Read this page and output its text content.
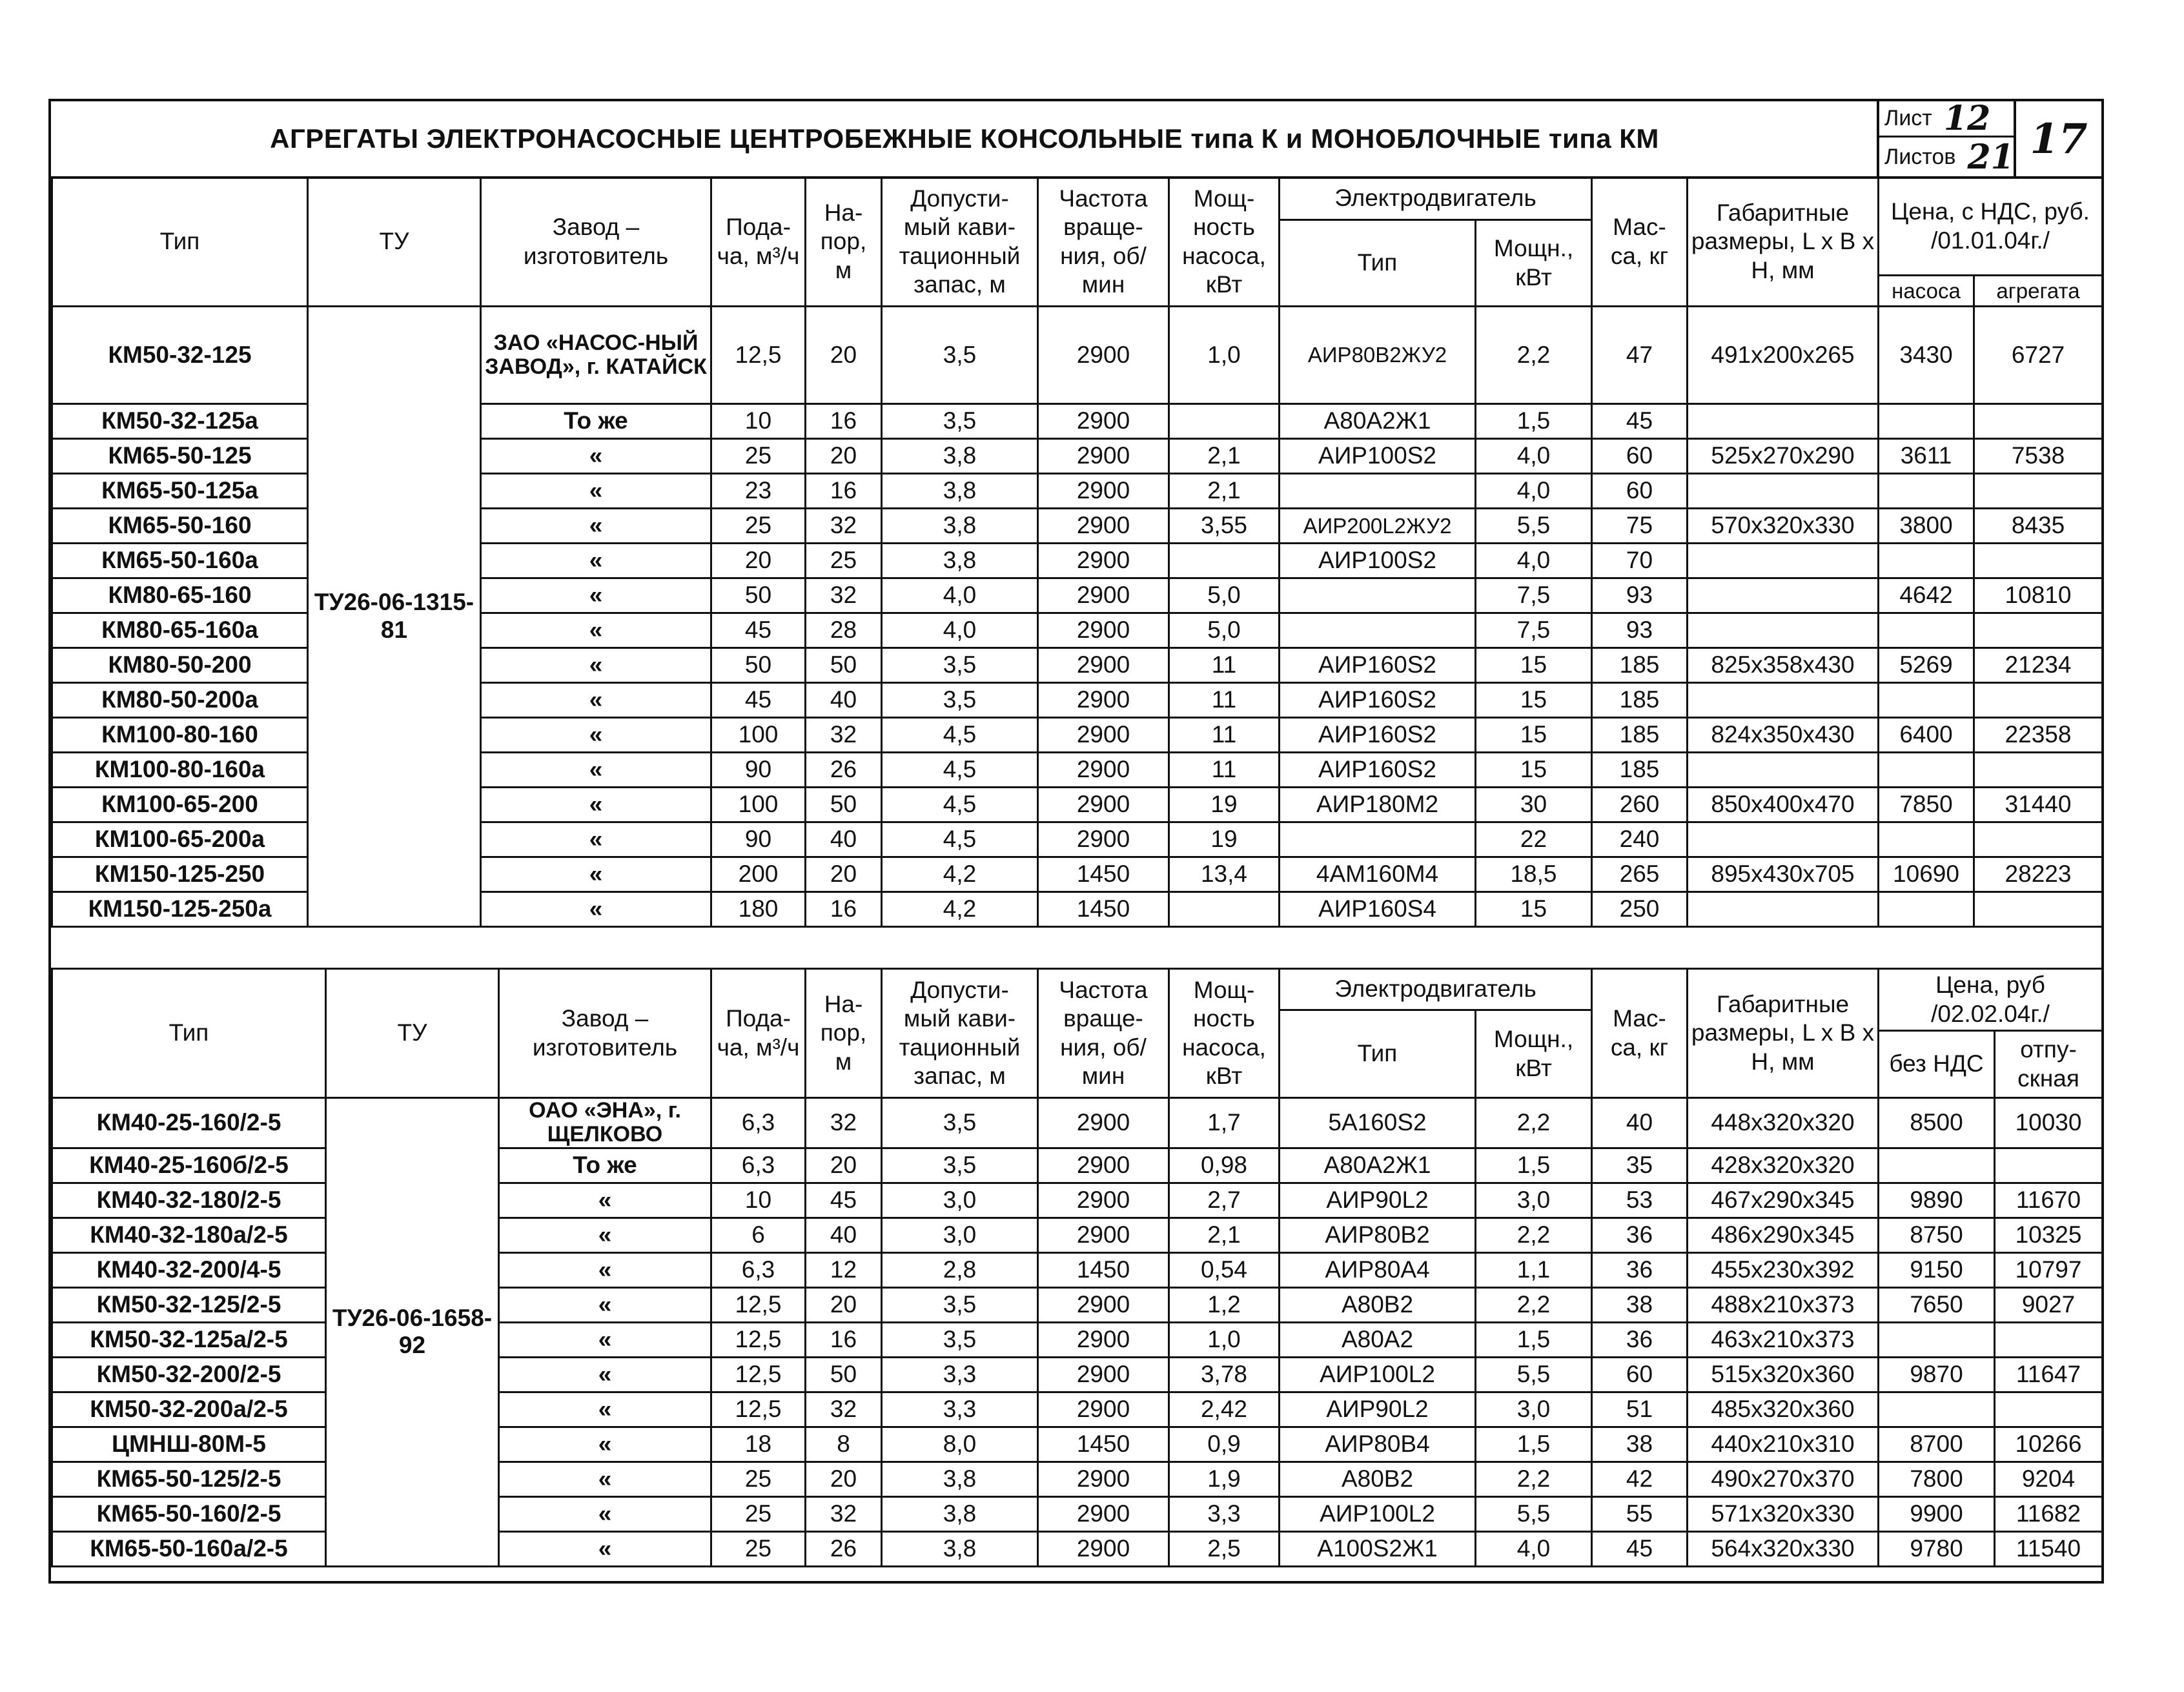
АГРЕГАТЫ ЭЛЕКТРОНАСОСНЫЕ ЦЕНТРОБЕЖНЫЕ КОНСОЛЬНЫЕ типа К и МОНОБЛОЧНЫЕ типа КМ
Лист 12
Листов 21 17
Тип	ТУ	Завод – изготовитель	Пода- ча, м³/ч	На- пор, м	Допусти- мый кави- тационный запас, м	Частота враще- ния, об/мин	Мощ- ность насоса, кВт	Электродвигатель		Мас- са, кг	Габаритные размеры, L x B x H, мм	Цена, с НДС, руб. /01.01.04г./	
								Тип	Мощн., кВт				
												насоса	агрегата
КМ50-32-125	ТУ26-06-1315-81	ЗАО «НАСОС-НЫЙ ЗАВОД», г. КАТАЙСК	12,5	20	3,5	2900	1,0	АИР80В2ЖУ2	2,2	47	491x200x265	3430	6727
КМ50-32-125а		То же	10	16	3,5	2900		А80А2Ж1	1,5	45			
КМ65-50-125		«	25	20	3,8	2900	2,1	АИР100S2	4,0	60	525x270x290	3611	7538
КМ65-50-125а		«	23	16	3,8	2900	2,1		4,0	60			
КМ65-50-160		«	25	32	3,8	2900	3,55	АИР200L2ЖУ2	5,5	75	570x320x330	3800	8435
КМ65-50-160а		«	20	25	3,8	2900		АИР100S2	4,0	70			
КМ80-65-160		«	50	32	4,0	2900	5,0		7,5	93		4642	10810
КМ80-65-160а		«	45	28	4,0	2900	5,0		7,5	93			
КМ80-50-200		«	50	50	3,5	2900	11	АИР160S2	15	185	825x358x430	5269	21234
КМ80-50-200а		«	45	40	3,5	2900	11	АИР160S2	15	185			
КМ100-80-160		«	100	32	4,5	2900	11	АИР160S2	15	185	824x350x430	6400	22358
КМ100-80-160а		«	90	26	4,5	2900	11	АИР160S2	15	185			
КМ100-65-200		«	100	50	4,5	2900	19	АИР180М2	30	260	850x400x470	7850	31440
КМ100-65-200а		«	90	40	4,5	2900	19		22	240			
КМ150-125-250		«	200	20	4,2	1450	13,4	4АМ160М4	18,5	265	895x430x705	10690	28223
КМ150-125-250а		«	180	16	4,2	1450		АИР160S4	15	250			
Тип	ТУ	Завод – изготовитель	Пода- ча, м³/ч	На- пор, м	Допусти- мый кави- тационный запас, м	Частота враще- ния, об/мин	Мощ- ность насоса, кВт	Электродвигатель		Мас- са, кг	Габаритные размеры, L x B x H, мм	Цена, руб /02.02.04г./	
								Тип	Мощн., кВт				
												без НДС	отпу- скная
КМ40-25-160/2-5	ТУ26-06-1658-92	ОАО «ЭНА», г. ЩЕЛКОВО	6,3	32	3,5	2900	1,7	5А160S2	2,2	40	448x320x320	8500	10030
КМ40-25-160б/2-5		То же	6,3	20	3,5	2900	0,98	А80А2Ж1	1,5	35	428x320x320		
КМ40-32-180/2-5		«	10	45	3,0	2900	2,7	АИР90L2	3,0	53	467x290x345	9890	11670
КМ40-32-180а/2-5		«	6	40	3,0	2900	2,1	АИР80В2	2,2	36	486x290x345	8750	10325
КМ40-32-200/4-5		«	6,3	12	2,8	1450	0,54	АИР80А4	1,1	36	455x230x392	9150	10797
КМ50-32-125/2-5		«	12,5	20	3,5	2900	1,2	А80В2	2,2	38	488x210x373	7650	9027
КМ50-32-125а/2-5		«	12,5	16	3,5	2900	1,0	А80А2	1,5	36	463x210x373		
КМ50-32-200/2-5		«	12,5	50	3,3	2900	3,78	АИР100L2	5,5	60	515x320x360	9870	11647
КМ50-32-200а/2-5		«	12,5	32	3,3	2900	2,42	АИР90L2	3,0	51	485x320x360		
ЦМНШ-80М-5		«	18	8	8,0	1450	0,9	АИР80В4	1,5	38	440x210x310	8700	10266
КМ65-50-125/2-5		«	25	20	3,8	2900	1,9	А80В2	2,2	42	490x270x370	7800	9204
КМ65-50-160/2-5		«	25	32	3,8	2900	3,3	АИР100L2	5,5	55	571x320x330	9900	11682
КМ65-50-160а/2-5		«	25	26	3,8	2900	2,5	А100S2Ж1	4,0	45	564x320x330	9780	11540
